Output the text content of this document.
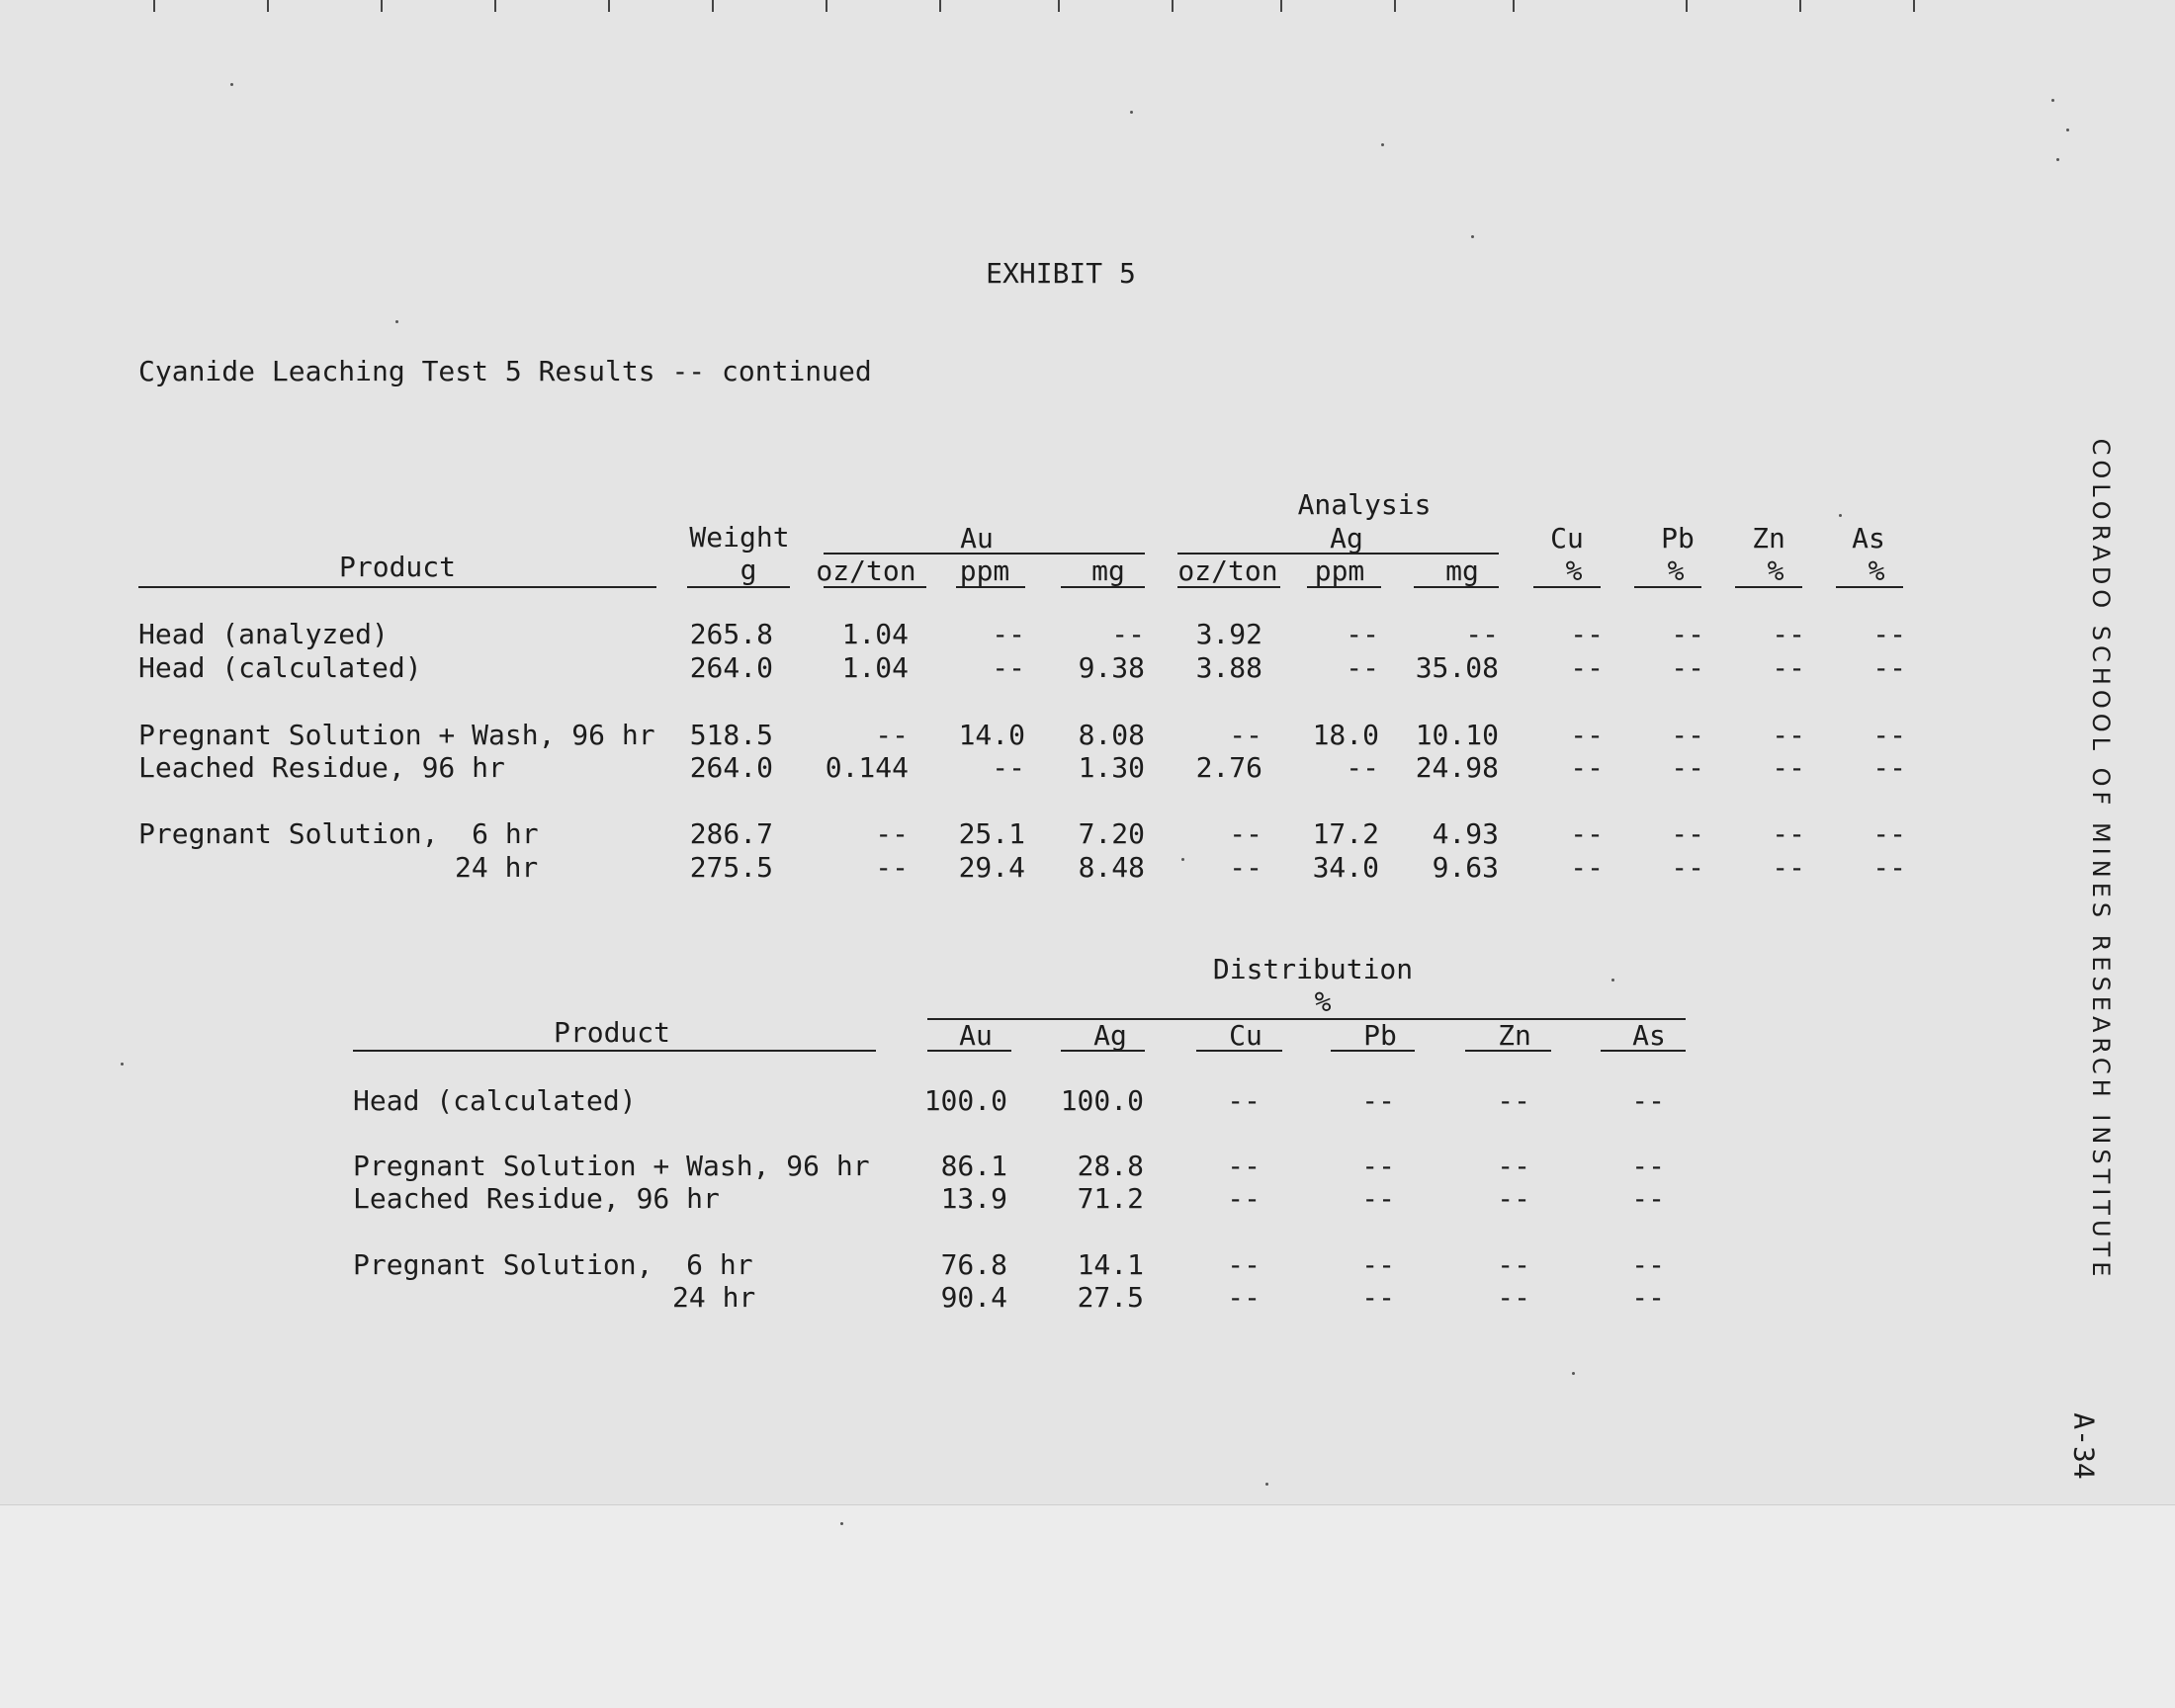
EXHIBIT 5
Cyanide Leaching Test 5 Results -- continued
Analysis
Product
Weight
g
Au	Ag
oz/ton ppm	mg oz/ton ppm	mg
Cu	Pb Zn As
%	%	%	%
Head (analyzed)	265.8 1.04	--	-- 3.92	--	--	-- -- -- --
Head (calculated)	264.0 1.04	-- 9.38 3.88	-- 35.08	-- -- -- --
Pregnant Solution + Wash, 96 hr 518.5	-- 14.0 8.08	-- 18.0 10.10	-- -- -- --
Leached Residue, 96 hr	264.0 0.144	-- 1.30 2.76	-- 24.98	-- -- -- --
Pregnant Solution,  6 hr	286.7	-- 25.1 7.20	-- 17.2 4.93	-- -- -- --
24 hr	275.5	-- 29.4 8.48	-- 34.0 9.63	-- -- -- --
Distribution
%
Product	Au	Ag	Cu	Pb	Zn	As
Head (calculated)	100.0 100.0	--	--	--	--
Pregnant Solution + Wash, 96 hr	86.1	28.8	--	--	--	--
Leached Residue, 96 hr	13.9	71.2	--	--	--	--
Pregnant Solution,  6 hr	76.8	14.1	--	--	--	--
24 hr	90.4	27.5	--	--	--	--
COLORADO SCHOOL OF MINES RESEARCH INSTITUTE
A-34
